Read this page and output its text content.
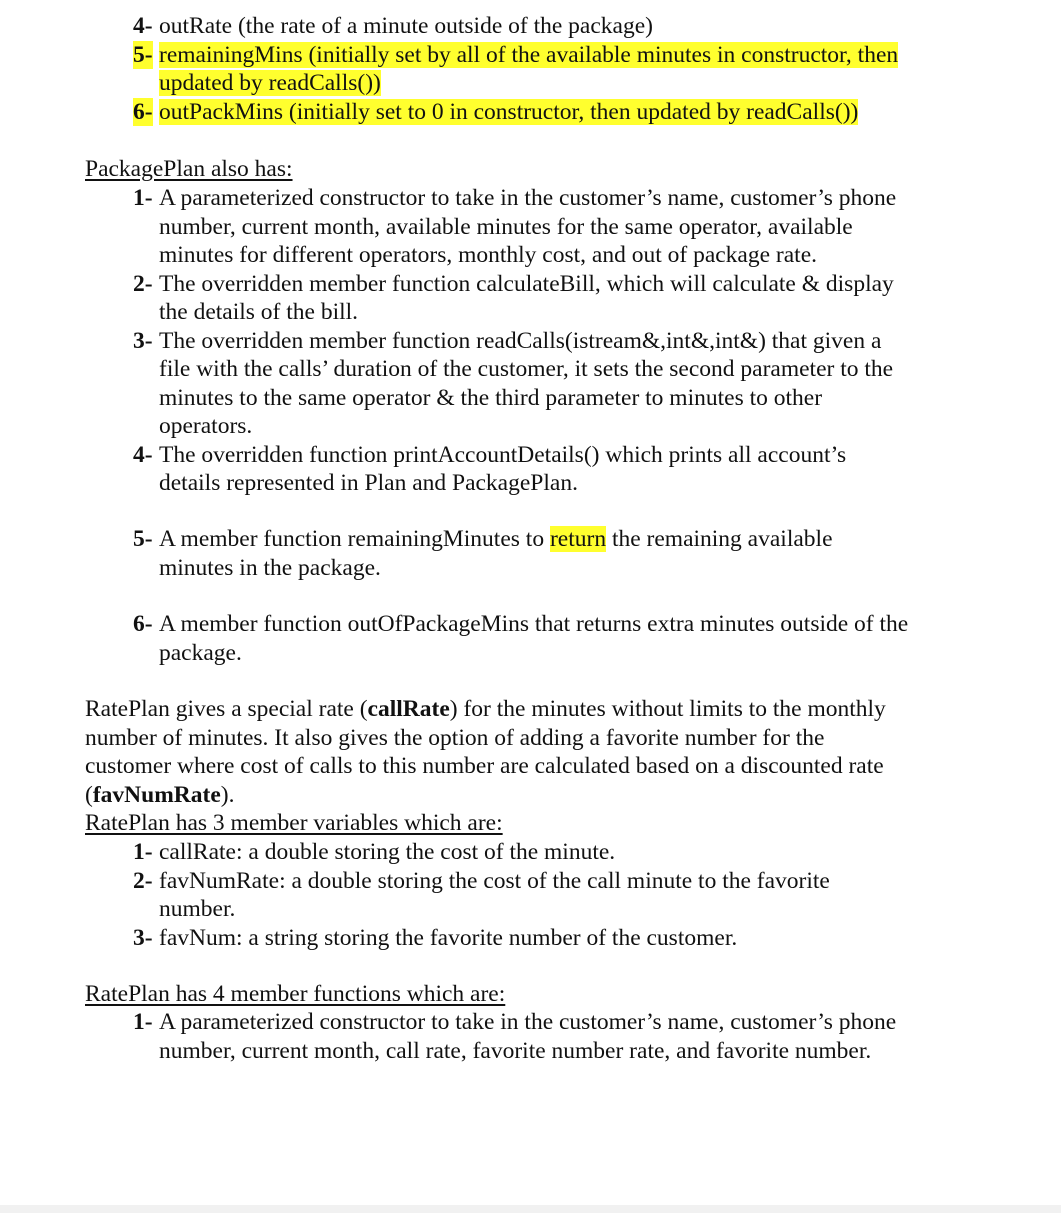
4- outRate (the rate of a minute outside of the package)
5- remainingMins (initially set by all of the available minutes in constructor, then
updated by readCalls())
6- outPackMins (initially set to 0 in constructor, then updated by readCalls())
PackagePlan also has:
1- A parameterized constructor to take in the customer’s name, customer’s phone
number, current month, available minutes for the same operator, available
minutes for different operators, monthly cost, and out of package rate.
2- The overridden member function calculateBill, which will calculate & display
the details of the bill.
3- The overridden member function readCalls(istream&,int&,int&) that given a
file with the calls’ duration of the customer, it sets the second parameter to the
minutes to the same operator & the third parameter to minutes to other
operators.
4- The overridden function printAccountDetails() which prints all account’s
details represented in Plan and PackagePlan.
5- A member function remainingMinutes to return the remaining available
minutes in the package.
6- A member function outOfPackageMins that returns extra minutes outside of the
package.
RatePlan gives a special rate (callRate) for the minutes without limits to the monthly
number of minutes. It also gives the option of adding a favorite number for the
customer where cost of calls to this number are calculated based on a discounted rate
(favNumRate).
RatePlan has 3 member variables which are:
1- callRate: a double storing the cost of the minute.
2- favNumRate: a double storing the cost of the call minute to the favorite
number.
3- favNum: a string storing the favorite number of the customer.
RatePlan has 4 member functions which are:
1- A parameterized constructor to take in the customer’s name, customer’s phone
number, current month, call rate, favorite number rate, and favorite number.
